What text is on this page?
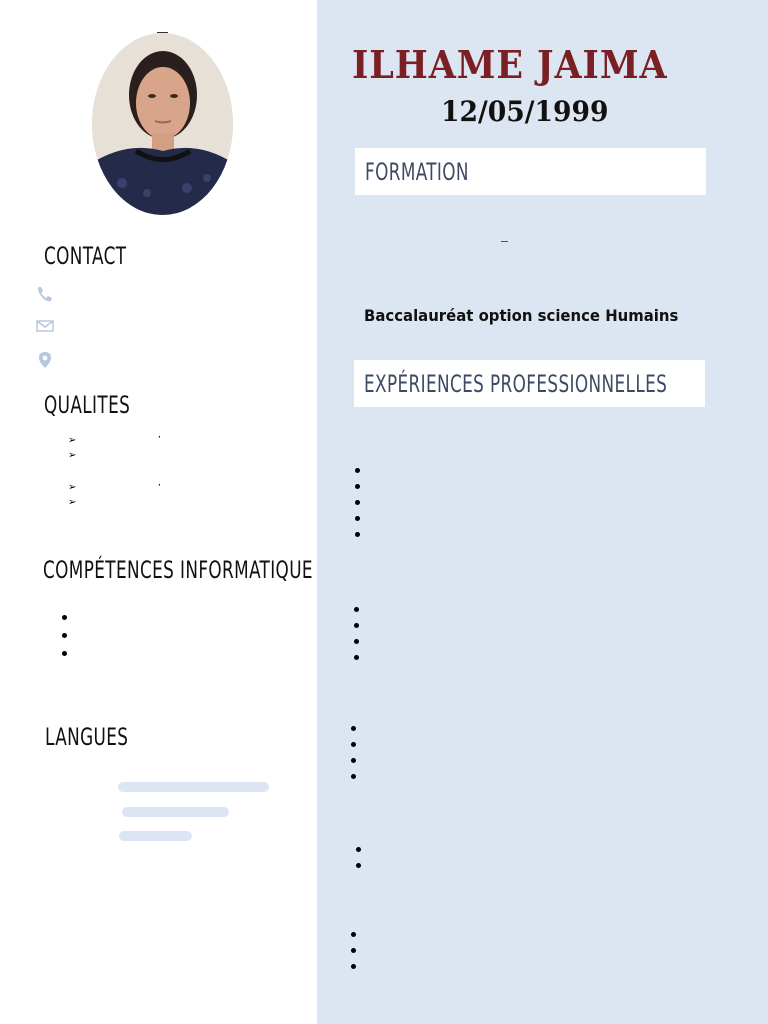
CONTACT
QUALITES
➢
➢
➢
➢
,
,
COMPÉTENCES INFORMATIQUE
LANGUES
ILHAME JAIMA
12/05/1999
FORMATION
Baccalauréat option science Humains
EXPÉRIENCES PROFESSIONNELLES
